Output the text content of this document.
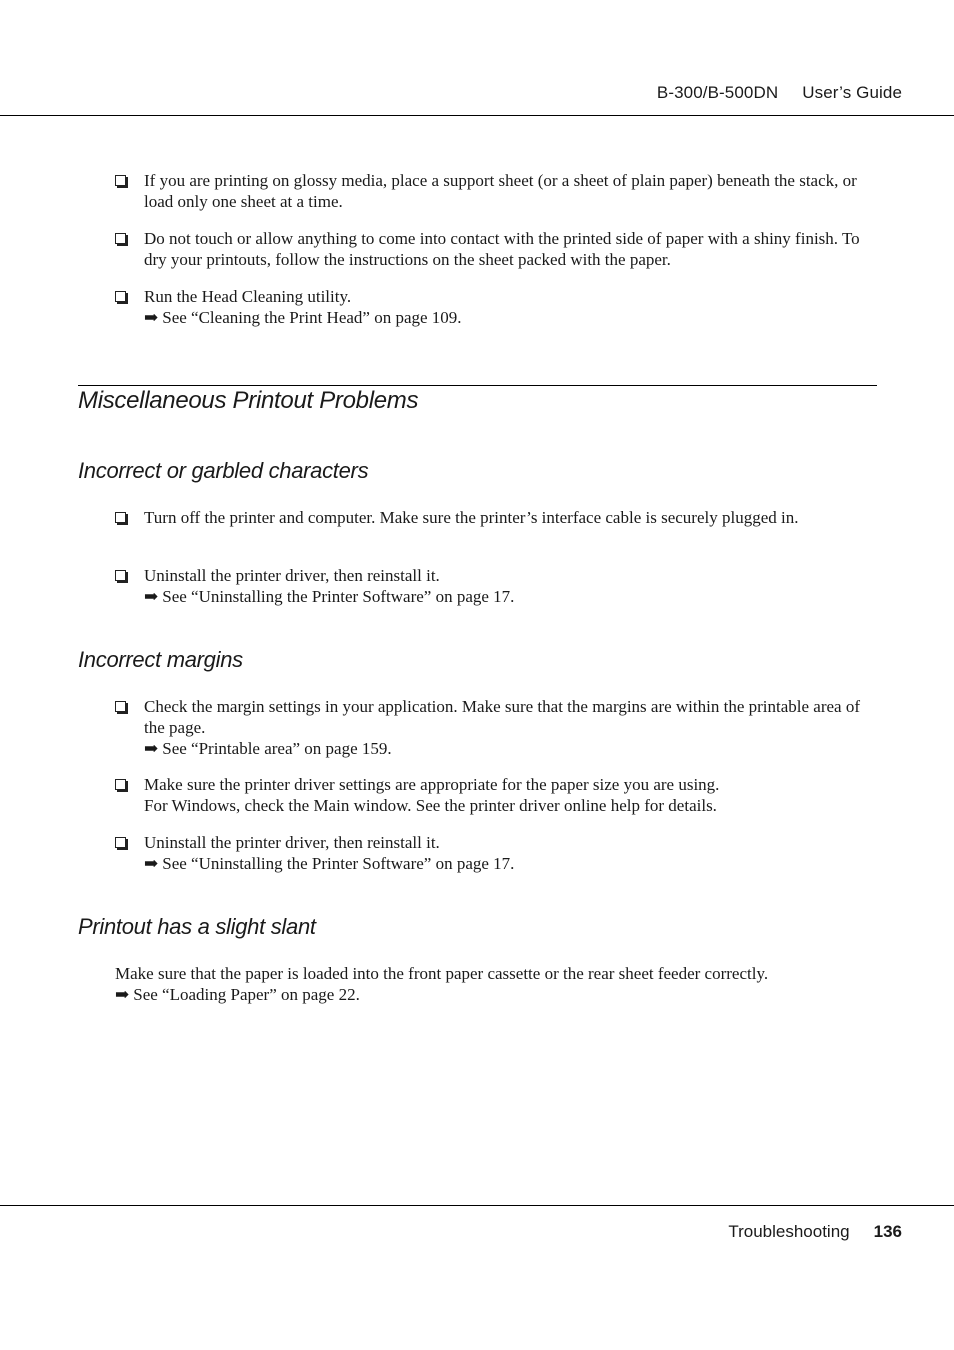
B-300/B-500DN User’s Guide
If you are printing on glossy media, place a support sheet (or a sheet of plain paper) beneath the stack, or load only one sheet at a time.
Do not touch or allow anything to come into contact with the printed side of paper with a shiny finish. To dry your printouts, follow the instructions on the sheet packed with the paper.
Run the Head Cleaning utility.
➡ See “Cleaning the Print Head” on page 109.
Miscellaneous Printout Problems
Incorrect or garbled characters
Turn off the printer and computer. Make sure the printer’s interface cable is securely plugged in.
Uninstall the printer driver, then reinstall it.
➡ See “Uninstalling the Printer Software” on page 17.
Incorrect margins
Check the margin settings in your application. Make sure that the margins are within the printable area of the page.
➡ See “Printable area” on page 159.
Make sure the printer driver settings are appropriate for the paper size you are using.
For Windows, check the Main window. See the printer driver online help for details.
Uninstall the printer driver, then reinstall it.
➡ See “Uninstalling the Printer Software” on page 17.
Printout has a slight slant
Make sure that the paper is loaded into the front paper cassette or the rear sheet feeder correctly.
➡ See “Loading Paper” on page 22.
Troubleshooting 136
